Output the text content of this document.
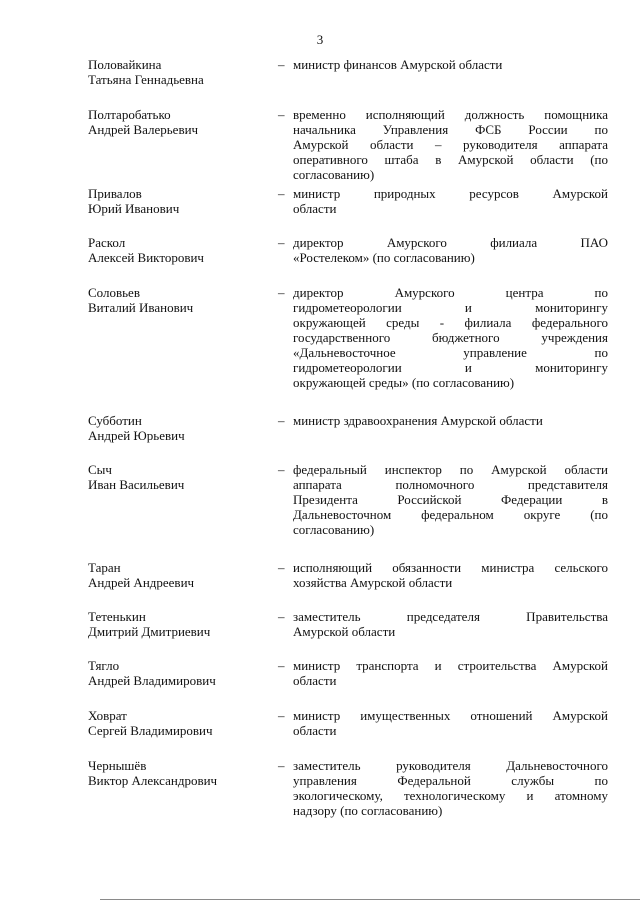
3
Половайкина
Татьяна Геннадьевна
– министр финансов Амурской области
Полтаробатько
Андрей Валерьевич
– временно исполняющий должность помощника
начальника Управления ФСБ России по
Амурской области – руководителя аппарата
оперативного штаба в Амурской области (по
согласованию)
Привалов
Юрий Иванович
– министр природных ресурсов Амурской
области
Раскол
Алексей Викторович
– директор Амурского филиала ПАО
«Ростелеком» (по согласованию)
Соловьев
Виталий Иванович
– директор Амурского центра по
гидрометеорологии и мониторингу
окружающей среды - филиала федерального
государственного бюджетного учреждения
«Дальневосточное управление по
гидрометеорологии и мониторингу
окружающей среды» (по согласованию)
Субботин
Андрей Юрьевич
– министр здравоохранения Амурской области
Сыч
Иван Васильевич
– федеральный инспектор по Амурской области
аппарата полномочного представителя
Президента Российской Федерации в
Дальневосточном федеральном округе (по
согласованию)
Таран
Андрей Андреевич
– исполняющий обязанности министра сельского
хозяйства Амурской области
Тетенькин
Дмитрий Дмитриевич
– заместитель председателя Правительства
Амурской области
Тягло
Андрей Владимирович
– министр транспорта и строительства Амурской
области
Ховрат
Сергей Владимирович
– министр имущественных отношений Амурской
области
Чернышёв
Виктор Александрович
– заместитель руководителя Дальневосточного
управления Федеральной службы по
экологическому, технологическому и атомному
надзору (по согласованию)
